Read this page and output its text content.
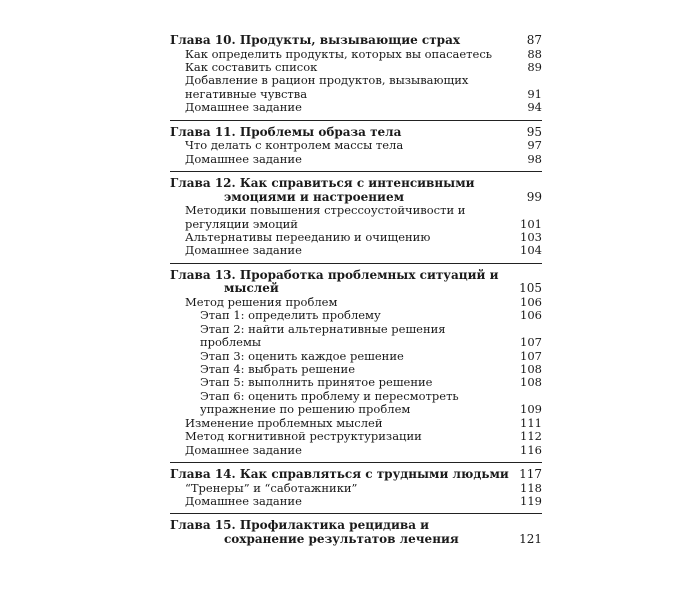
Глава 10. Продукты, вызывающие страх	87
Как определить продукты, которых вы опасаетесь	88
Как составить список	89
Добавление в рацион продуктов, вызывающих негативные чувства	91
Домашнее задание	94
Глава 11. Проблемы образа тела	95
Что делать с контролем массы тела	97
Домашнее задание	98
Глава 12. Как справиться с интенсивными эмоциями и настроением	99
Методики повышения стрессоустойчивости и регуляции эмоций	101
Альтернативы перееданию и очищению	103
Домашнее задание	104
Глава 13. Проработка проблемных ситуаций и мыслей	105
Метод решения проблем	106
Этап 1: определить проблему	106
Этап 2: найти альтернативные решения проблемы	107
Этап 3: оценить каждое решение	107
Этап 4: выбрать решение	108
Этап 5: выполнить принятое решение	108
Этап 6: оценить проблему и пересмотреть упражнение по решению проблем	109
Изменение проблемных мыслей	111
Метод когнитивной реструктуризации	112
Домашнее задание	116
Глава 14. Как справляться с трудными людьми 117
“Тренеры” и “саботажники”	118
Домашнее задание	119
Глава 15. Профилактика рецидива и сохранение результатов лечения	121
